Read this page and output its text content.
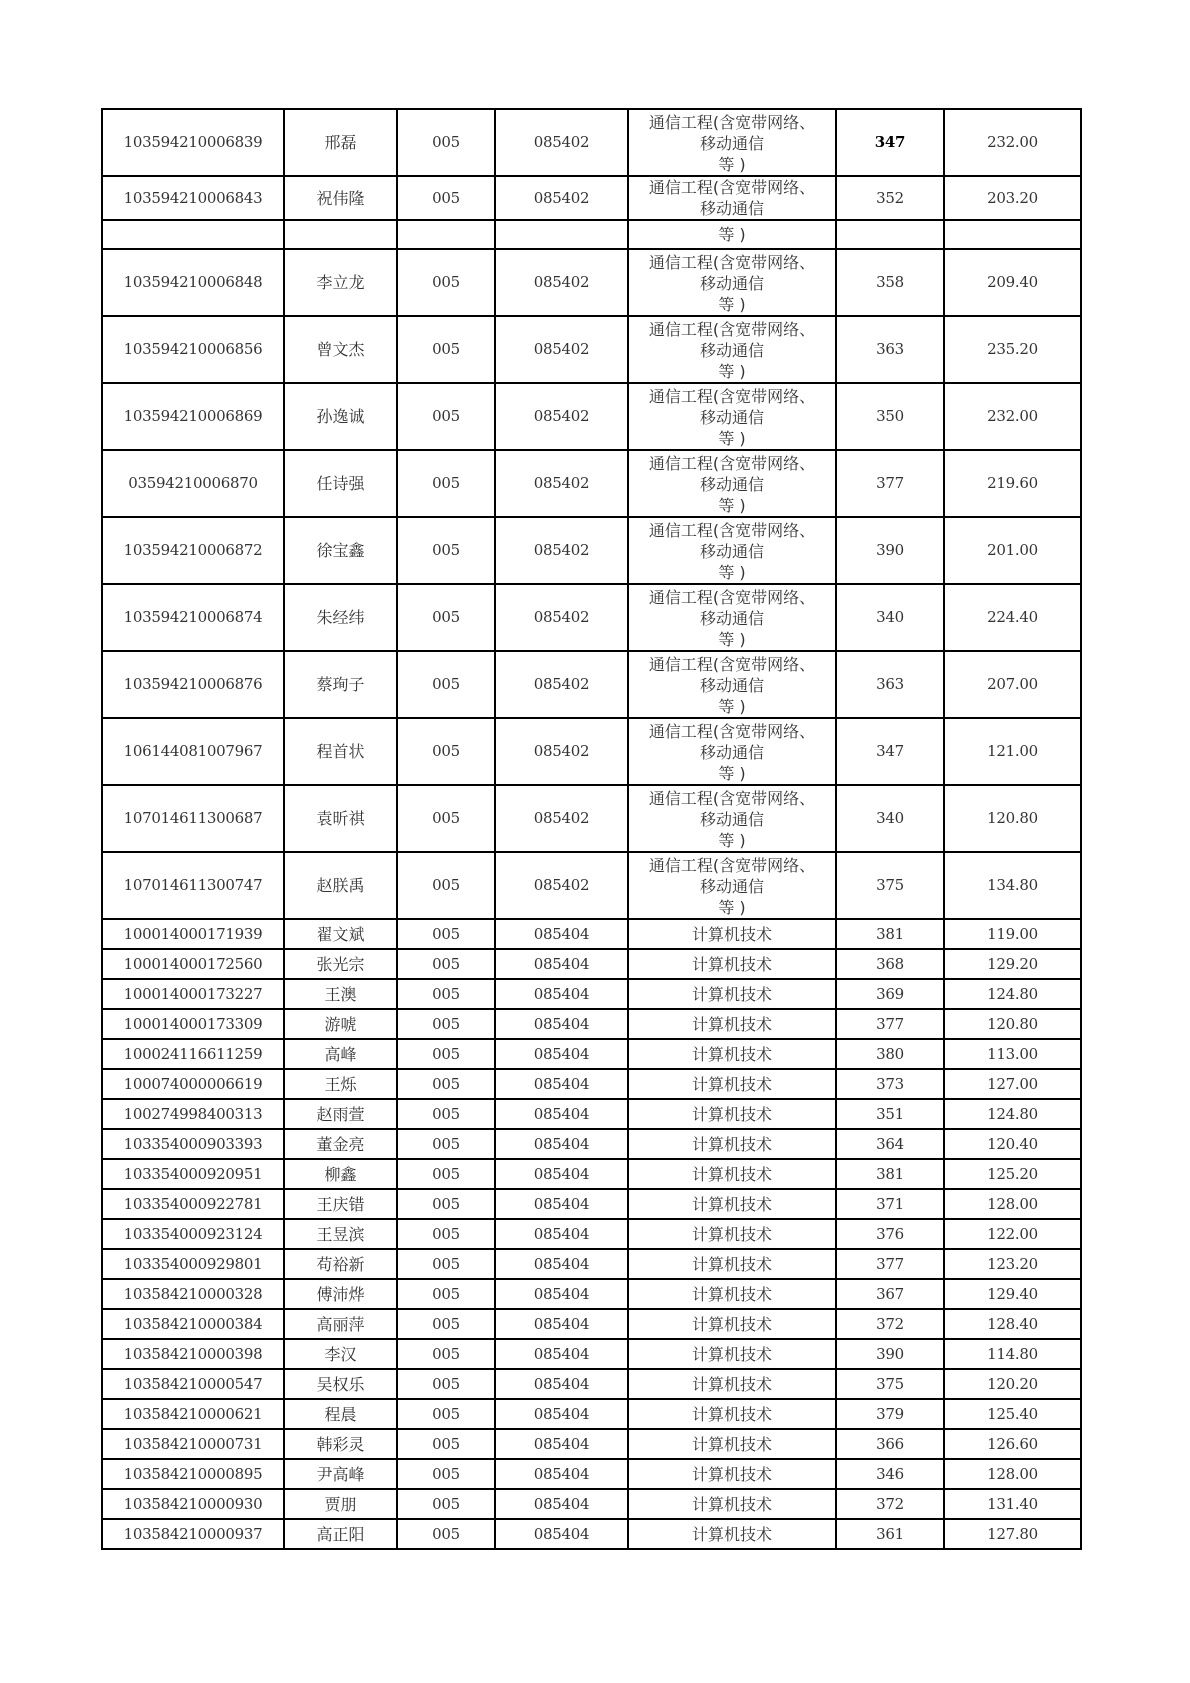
103594210006839	邢磊	005	085402	通信工程(含宽带网络、
移动通信
等 )	347	232.00
103594210006843	祝伟隆	005	085402	通信工程(含宽带网络、
移动通信	352	203.20

				等 )		

103594210006848	李立龙	005	085402	通信工程(含宽带网络、
移动通信
等 )	358	209.40
103594210006856	曾文杰	005	085402	通信工程(含宽带网络、
移动通信
等 )	363	235.20
103594210006869	孙逸诚	005	085402	通信工程(含宽带网络、
移动通信
等 )	350	232.00
03594210006870	任诗强	005	085402	通信工程(含宽带网络、
移动通信
等 )	377	219.60
103594210006872	徐宝鑫	005	085402	通信工程(含宽带网络、
移动通信
等 )	390	201.00
103594210006874	朱经纬	005	085402	通信工程(含宽带网络、
移动通信
等 )	340	224.40
103594210006876	蔡珣子	005	085402	通信工程(含宽带网络、
移动通信
等 )	363	207.00
106144081007967	程首状	005	085402	通信工程(含宽带网络、
移动通信
等 )	347	121.00
107014611300687	袁昕祺	005	085402	通信工程(含宽带网络、
移动通信
等 )	340	120.80
107014611300747	赵朕禹	005	085402	通信工程(含宽带网络、
移动通信
等 )	375	134.80
100014000171939	翟文斌	005	085404	计算机技术	381	119.00
100014000172560	张光宗	005	085404	计算机技术	368	129.20
100014000173227	王澳	005	085404	计算机技术	369	124.80
100014000173309	游唬	005	085404	计算机技术	377	120.80
100024116611259	高峰	005	085404	计算机技术	380	113.00
100074000006619	王烁	005	085404	计算机技术	373	127.00
100274998400313	赵雨萱	005	085404	计算机技术	351	124.80
103354000903393	董金亮	005	085404	计算机技术	364	120.40
103354000920951	柳鑫	005	085404	计算机技术	381	125.20
103354000922781	王庆错	005	085404	计算机技术	371	128.00
103354000923124	王昱滨	005	085404	计算机技术	376	122.00
103354000929801	苟裕新	005	085404	计算机技术	377	123.20
103584210000328	傅沛烨	005	085404	计算机技术	367	129.40
103584210000384	高丽萍	005	085404	计算机技术	372	128.40
103584210000398	李汉	005	085404	计算机技术	390	114.80
103584210000547	吴权乐	005	085404	计算机技术	375	120.20
103584210000621	程晨	005	085404	计算机技术	379	125.40
103584210000731	韩彩灵	005	085404	计算机技术	366	126.60
103584210000895	尹高峰	005	085404	计算机技术	346	128.00
103584210000930	贾朋	005	085404	计算机技术	372	131.40
103584210000937	高正阳	005	085404	计算机技术	361	127.80
